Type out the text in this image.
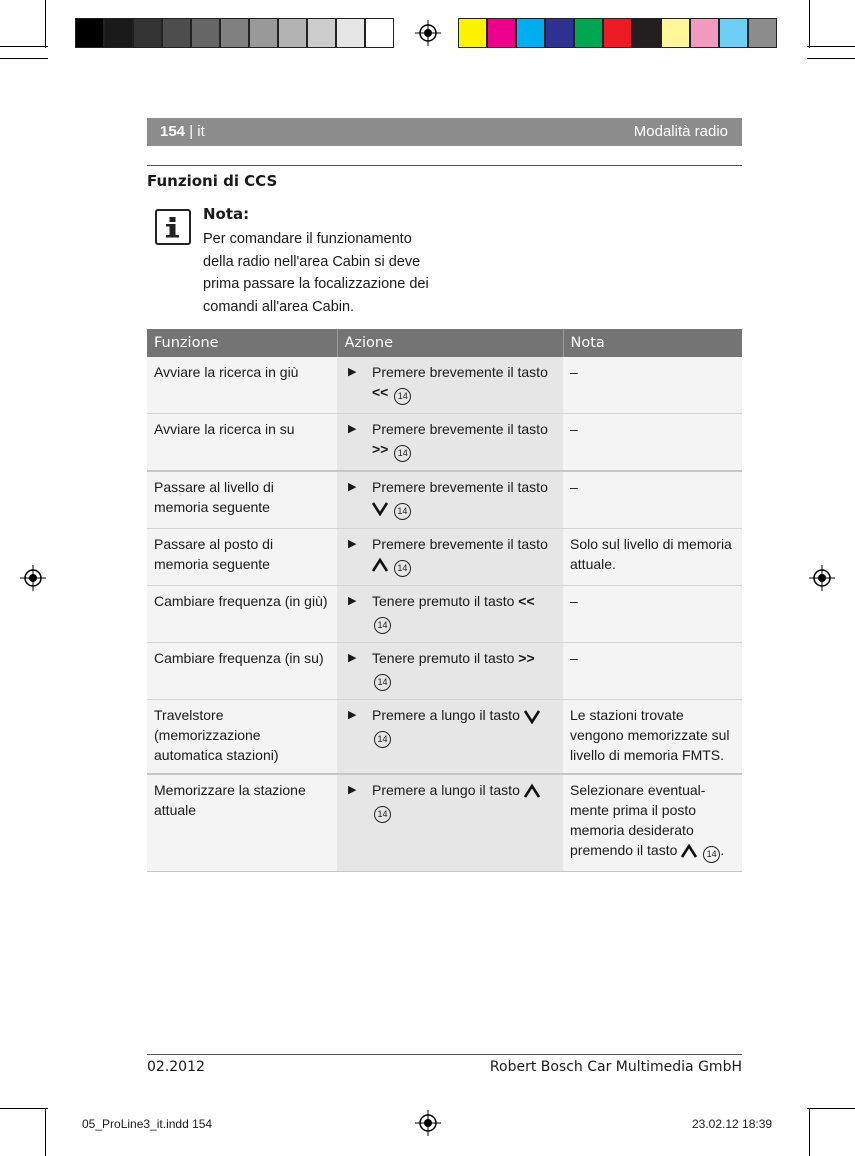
154 | it	Modalità radio
Funzioni di CCS
Nota:
Per comandare il funzionamento della radio nell'area Cabin si deve prima passare la focalizzazione dei comandi all'area Cabin.
Funzione	Azione	Nota
Avviare la ricerca in giù	▶ Premere brevemente il tasto << 14	–
Avviare la ricerca in su	▶ Premere brevemente il tasto >> 14	–
Passare al livello di memoria seguente	▶ Premere brevemente il tasto  14	–
Passare al posto di memoria seguente	▶ Premere brevemente il tasto  14	Solo sul livello di memoria attuale.
Cambiare frequenza (in giù)	▶ Tenere premuto il tasto << 14	–
Cambiare frequenza (in su)	▶ Tenere premuto il tasto >> 14	–
Travelstore (memorizzazione automatica stazioni)	▶ Premere a lungo il tasto  14	Le stazioni trovate vengono memorizzate sul livello di memoria FMTS.
Memorizzare la stazione attuale	▶ Premere a lungo il tasto  14	Selezionare eventual-mente prima il posto memoria desiderato premendo il tasto 14 .
02.2012	Robert Bosch Car Multimedia GmbH
05_ProLine3_it.indd 154	23.02.12 18:39
